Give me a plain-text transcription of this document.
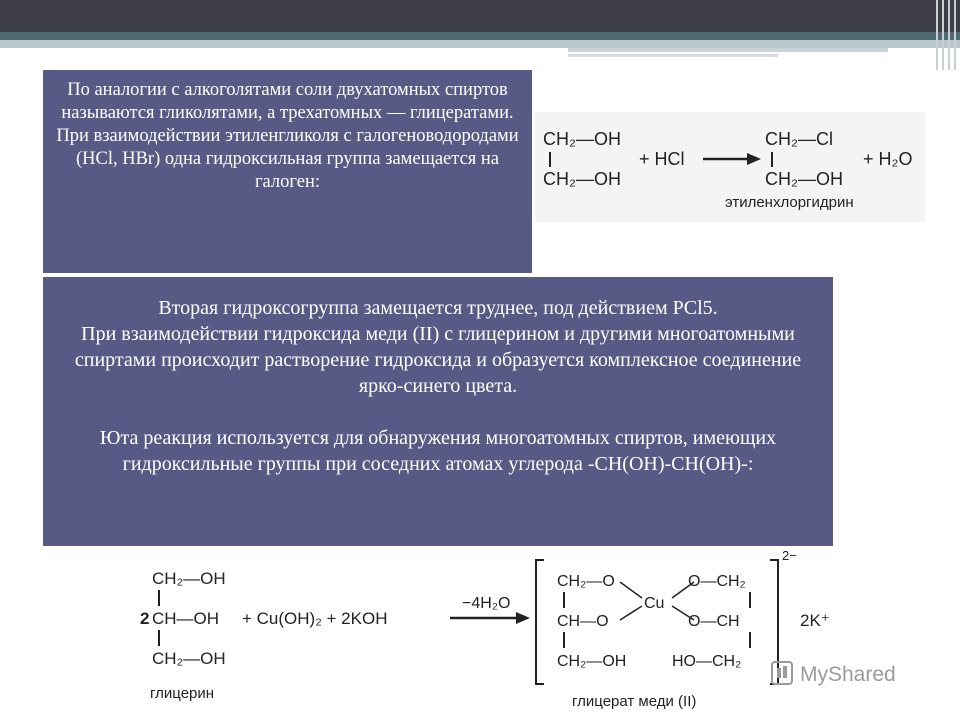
По аналогии с алкоголятами соли двухатомных спиртов называются гликолятами, а трехатомных — глицератами.

При взаимодействии этиленгликоля с галогеноводородами (HCl, HBr) одна гидроксильная группа замещается на галоген:

CH₂—OH
CH₂—OH
+ HCl
CH₂—Cl
CH₂—OH
+ H₂O
этиленхлоргидрин

Вторая гидроксогруппа замещается труднее, под действием PCl5.

При взаимодействии гидроксида меди (II) с глицерином и другими многоатомными спиртами происходит растворение гидроксида и образуется комплексное соединение ярко-синего цвета.

Юта реакция используется для обнаружения многоатомных спиртов, имеющих гидроксильные группы при соседних атомах углерода -CH(OH)-CH(OH)-:

CH₂—OH
2 CH—OH
CH₂—OH
глицерин
+ Cu(OH)₂ + 2KOH
−4H₂O
2−
CH₂—O
CH—O
CH₂—OH
Cu
O—CH₂
O—CH
HO—CH₂
2K⁺
глицерат меди (II)
MyShared
